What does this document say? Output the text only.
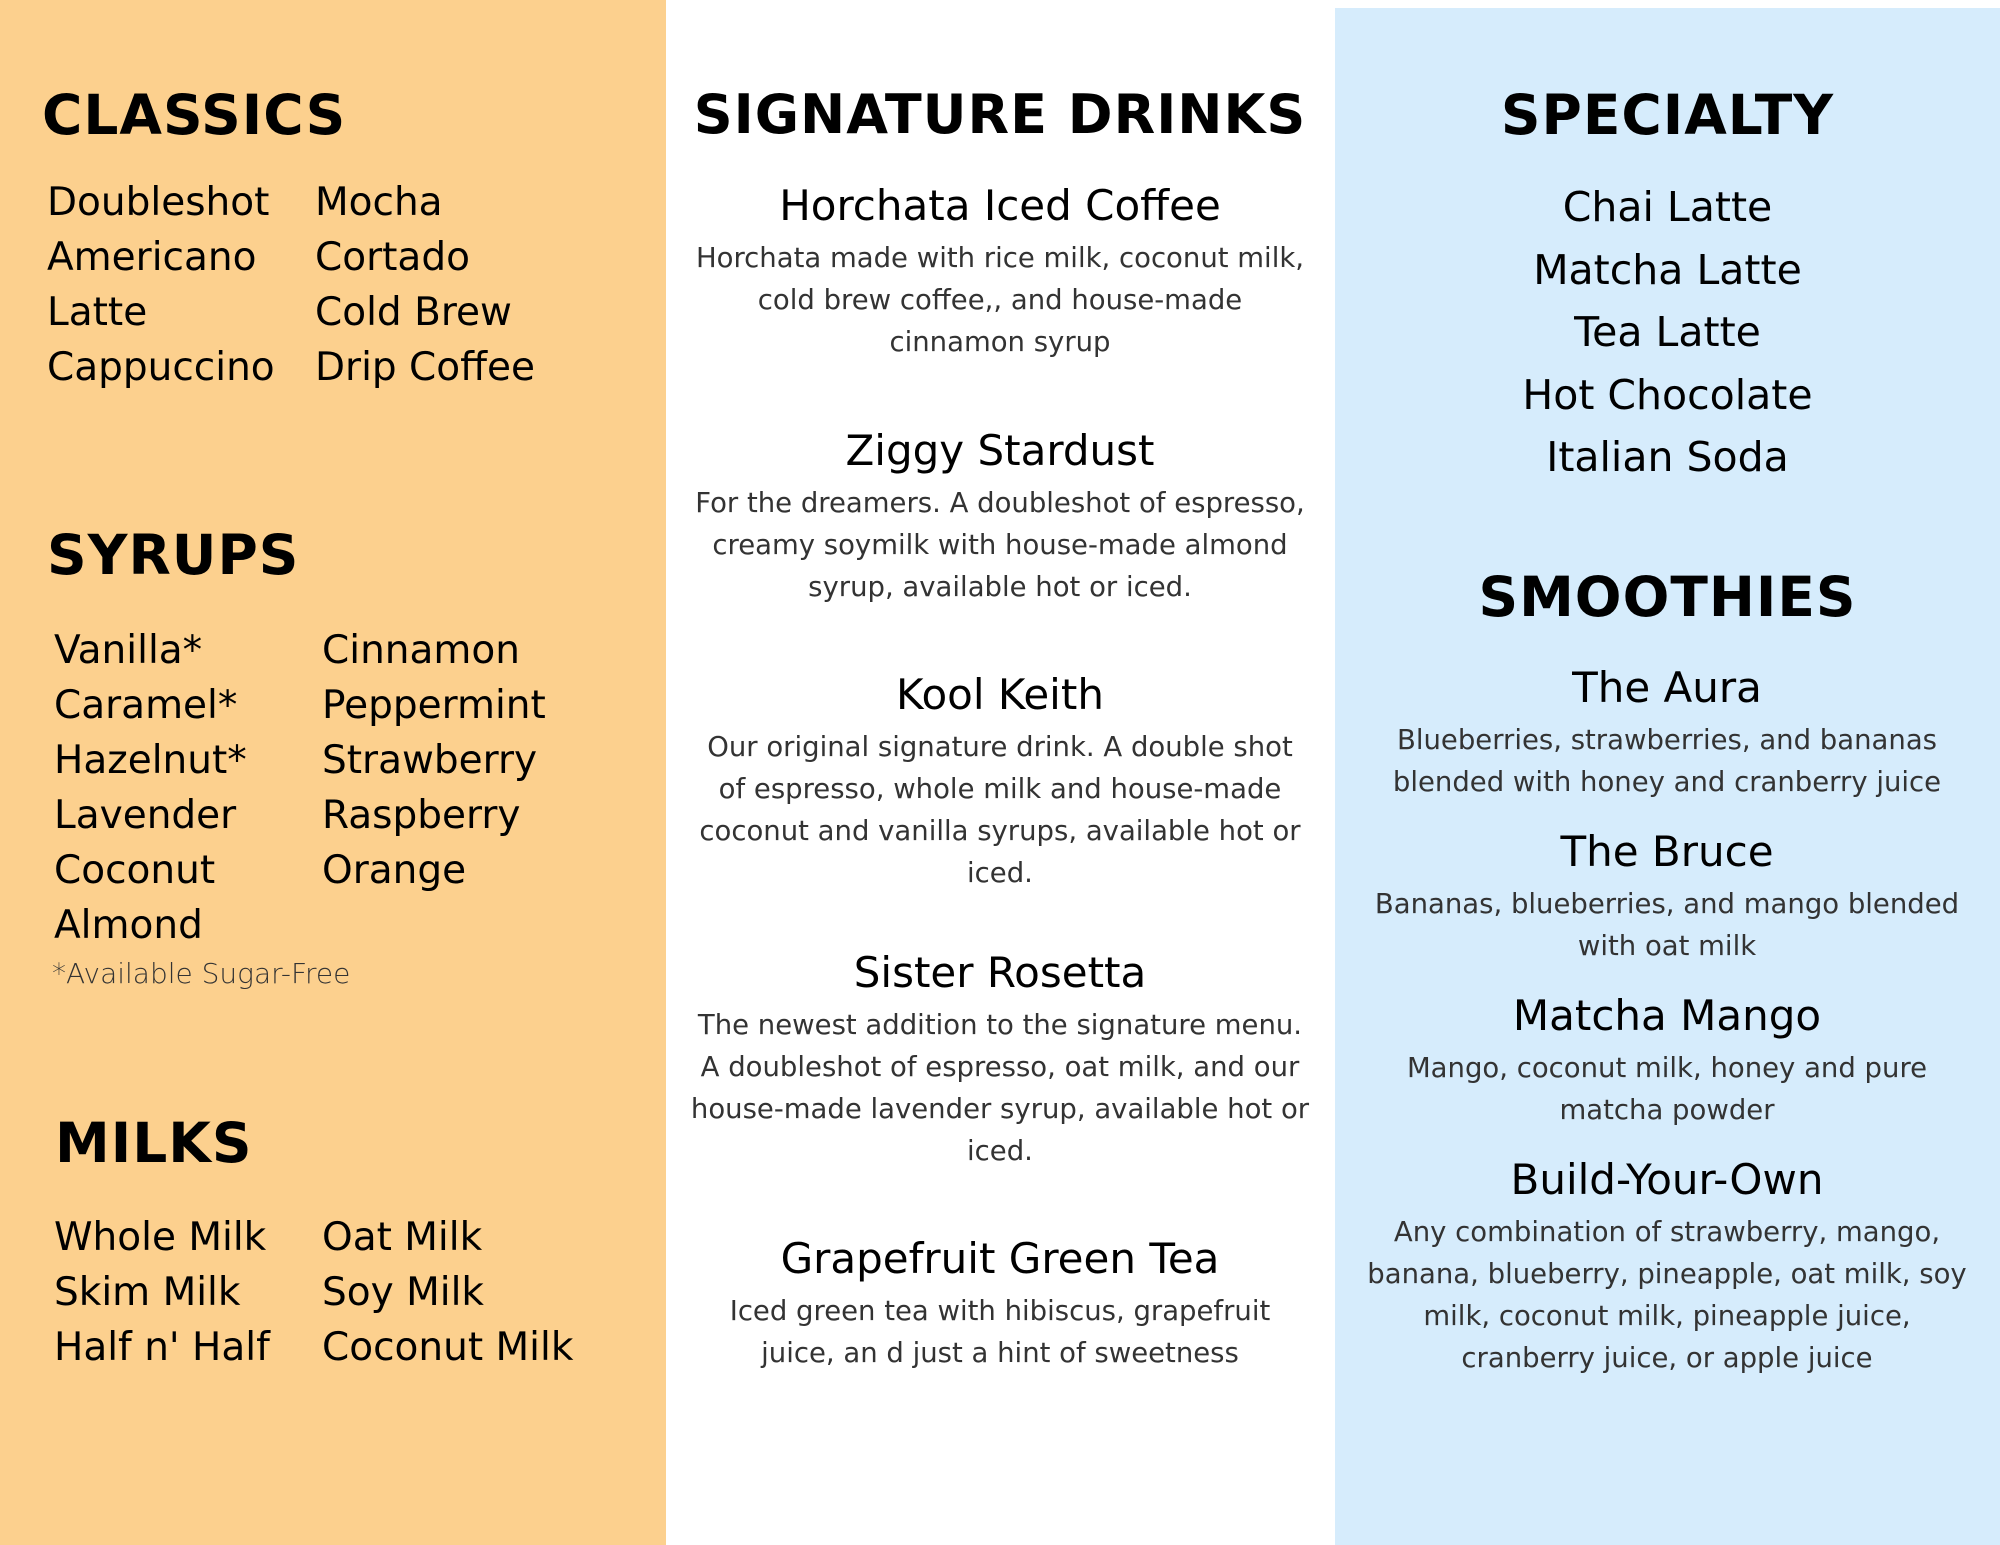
CLASSICS
Doubleshot
Americano
Latte
Cappuccino
Mocha
Cortado
Cold Brew
Drip Coffee
SYRUPS
Vanilla*
Caramel*
Hazelnut*
Lavender
Coconut
Almond
Cinnamon
Peppermint
Strawberry
Raspberry
Orange
*Available Sugar-Free
MILKS
Whole Milk
Skim Milk
Half n' Half
Oat Milk
Soy Milk
Coconut Milk
SIGNATURE DRINKS
Horchata Iced Coffee
Horchata made with rice milk, coconut milk, cold brew coffee,, and house-made cinnamon syrup
Ziggy Stardust
For the dreamers. A doubleshot of espresso, creamy soymilk with house-made almond syrup, available hot or iced.
Kool Keith
Our original signature drink. A double shot of espresso, whole milk and house-made coconut and vanilla syrups, available hot or iced.
Sister Rosetta
The newest addition to the signature menu. A doubleshot of espresso, oat milk, and our house-made lavender syrup, available hot or iced.
Grapefruit Green Tea
Iced green tea with hibiscus, grapefruit juice, an d just a hint of sweetness
SPECIALTY
Chai Latte
Matcha Latte
Tea Latte
Hot Chocolate
Italian Soda
SMOOTHIES
The Aura
Blueberries, strawberries, and bananas blended with honey and cranberry juice
The Bruce
Bananas, blueberries, and mango blended with oat milk
Matcha Mango
Mango, coconut milk, honey and pure matcha powder
Build-Your-Own
Any combination of strawberry, mango, banana, blueberry, pineapple, oat milk, soy milk, coconut milk, pineapple juice, cranberry juice, or apple juice
